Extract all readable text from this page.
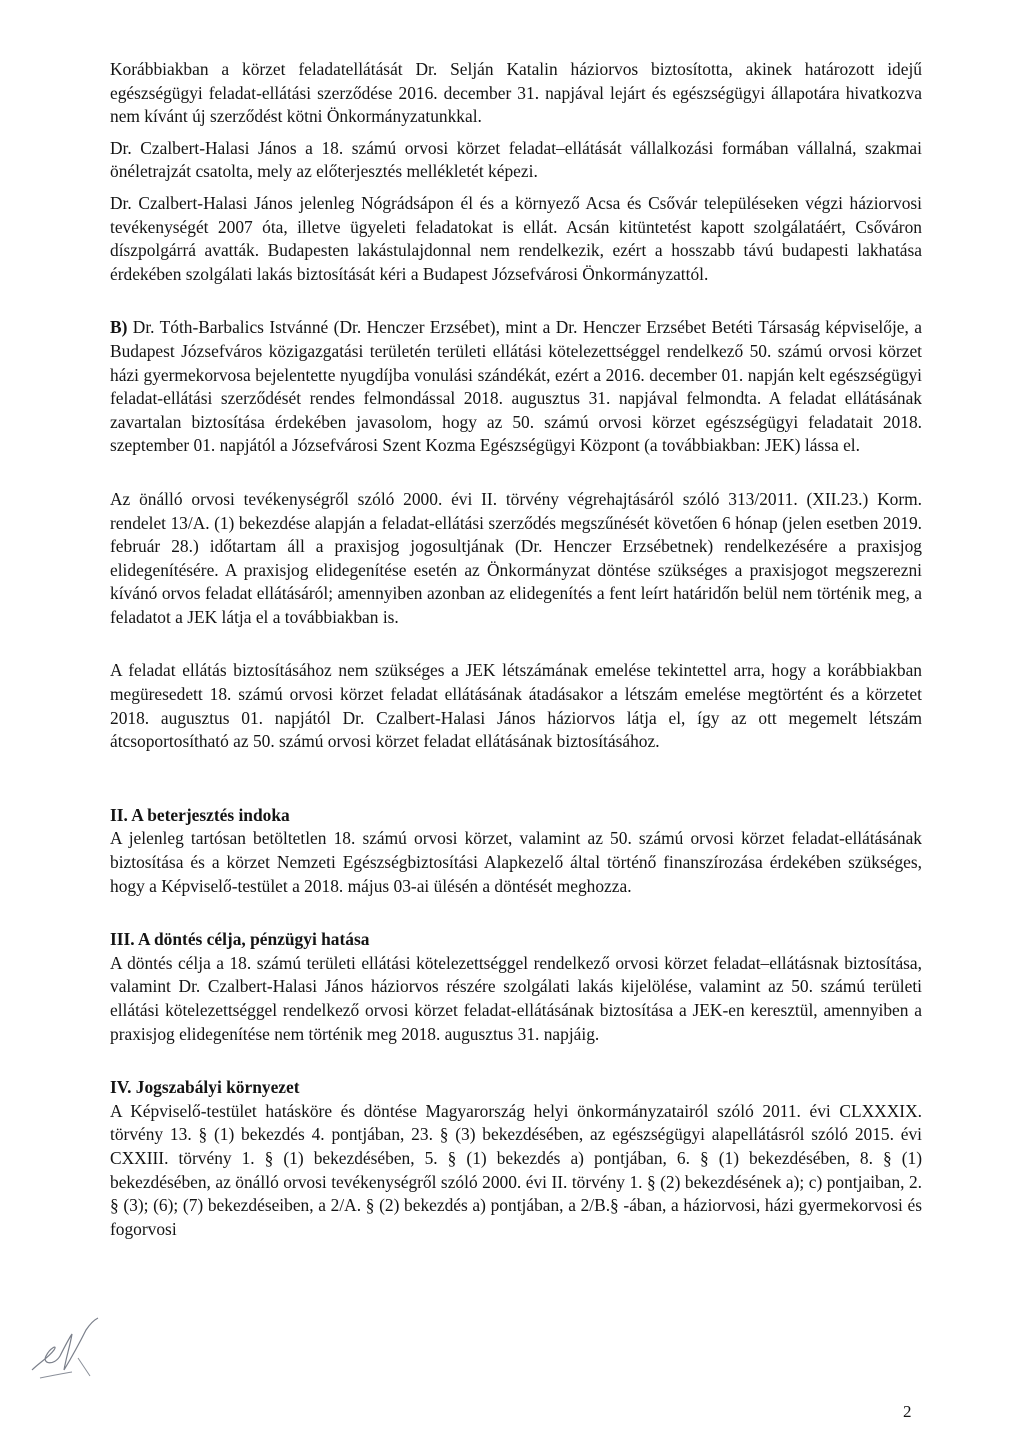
Korábbiakban a körzet feladatellátását Dr. Selján Katalin háziorvos biztosította, akinek határozott idejű egészségügyi feladat-ellátási szerződése 2016. december 31. napjával lejárt és egészségügyi állapotára hivatkozva nem kívánt új szerződést kötni Önkormányzatunkkal.

Dr. Czalbert-Halasi János a 18. számú orvosi körzet feladat–ellátását vállalkozási formában vállalná, szakmai önéletrajzát csatolta, mely az előterjesztés mellékletét képezi.

Dr. Czalbert-Halasi János jelenleg Nógrádsápon él és a környező Acsa és Csővár településeken végzi háziorvosi tevékenységét 2007 óta, illetve ügyeleti feladatokat is ellát. Acsán kitüntetést kapott szolgálatáért, Csőváron díszpolgárrá avatták. Budapesten lakástulajdonnal nem rendelkezik, ezért a hosszabb távú budapesti lakhatása érdekében szolgálati lakás biztosítását kéri a Budapest Józsefvárosi Önkormányzattól.

B) Dr. Tóth-Barbalics Istvánné (Dr. Henczer Erzsébet), mint a Dr. Henczer Erzsébet Betéti Társaság képviselője, a Budapest Józsefváros közigazgatási területén területi ellátási kötelezettséggel rendelkező 50. számú orvosi körzet házi gyermekorvosa bejelentette nyugdíjba vonulási szándékát, ezért a 2016. december 01. napján kelt egészségügyi feladat-ellátási szerződését rendes felmondással 2018. augusztus 31. napjával felmondta. A feladat ellátásának zavartalan biztosítása érdekében javasolom, hogy az 50. számú orvosi körzet egészségügyi feladatait 2018. szeptember 01. napjától a Józsefvárosi Szent Kozma Egészségügyi Központ (a továbbiakban: JEK) lássa el.

Az önálló orvosi tevékenységről szóló 2000. évi II. törvény végrehajtásáról szóló 313/2011. (XII.23.) Korm. rendelet 13/A. (1) bekezdése alapján a feladat-ellátási szerződés megszűnését követően 6 hónap (jelen esetben 2019. február 28.) időtartam áll a praxisjog jogosultjának (Dr. Henczer Erzsébetnek) rendelkezésére a praxisjog elidegenítésére. A praxisjog elidegenítése esetén az Önkormányzat döntése szükséges a praxisjogot megszerezni kívánó orvos feladat ellátásáról; amennyiben azonban az elidegenítés a fent leírt határidőn belül nem történik meg, a feladatot a JEK látja el a továbbiakban is.

A feladat ellátás biztosításához nem szükséges a JEK létszámának emelése tekintettel arra, hogy a korábbiakban megüresedett 18. számú orvosi körzet feladat ellátásának átadásakor a létszám emelése megtörtént és a körzetet 2018. augusztus 01. napjától Dr. Czalbert-Halasi János háziorvos látja el, így az ott megemelt létszám átcsoportosítható az 50. számú orvosi körzet feladat ellátásának biztosításához.

II. A beterjesztés indoka

A jelenleg tartósan betöltetlen 18. számú orvosi körzet, valamint az 50. számú orvosi körzet feladat-ellátásának biztosítása és a körzet Nemzeti Egészségbiztosítási Alapkezelő által történő finanszírozása érdekében szükséges, hogy a Képviselő-testület a 2018. május 03-ai ülésén a döntését meghozza.

III. A döntés célja, pénzügyi hatása

A döntés célja a 18. számú területi ellátási kötelezettséggel rendelkező orvosi körzet feladat–ellátásnak biztosítása, valamint Dr. Czalbert-Halasi János háziorvos részére szolgálati lakás kijelölése, valamint az 50. számú területi ellátási kötelezettséggel rendelkező orvosi körzet feladat-ellátásának biztosítása a JEK-en keresztül, amennyiben a praxisjog elidegenítése nem történik meg 2018. augusztus 31. napjáig.

IV. Jogszabályi környezet

A Képviselő-testület hatásköre és döntése Magyarország helyi önkormányzatairól szóló 2011. évi CLXXXIX. törvény 13. § (1) bekezdés 4. pontjában, 23. § (3) bekezdésében, az egészségügyi alapellátásról szóló 2015. évi CXXIII. törvény 1. § (1) bekezdésében, 5. § (1) bekezdés a) pontjában, 6. § (1) bekezdésében, 8. § (1) bekezdésében, az önálló orvosi tevékenységről szóló 2000. évi II. törvény 1. § (2) bekezdésének a); c) pontjaiban, 2. § (3); (6); (7) bekezdéseiben, a 2/A. § (2) bekezdés a) pontjában, a 2/B.§ -ában, a háziorvosi, házi gyermekorvosi és fogorvosi

2
